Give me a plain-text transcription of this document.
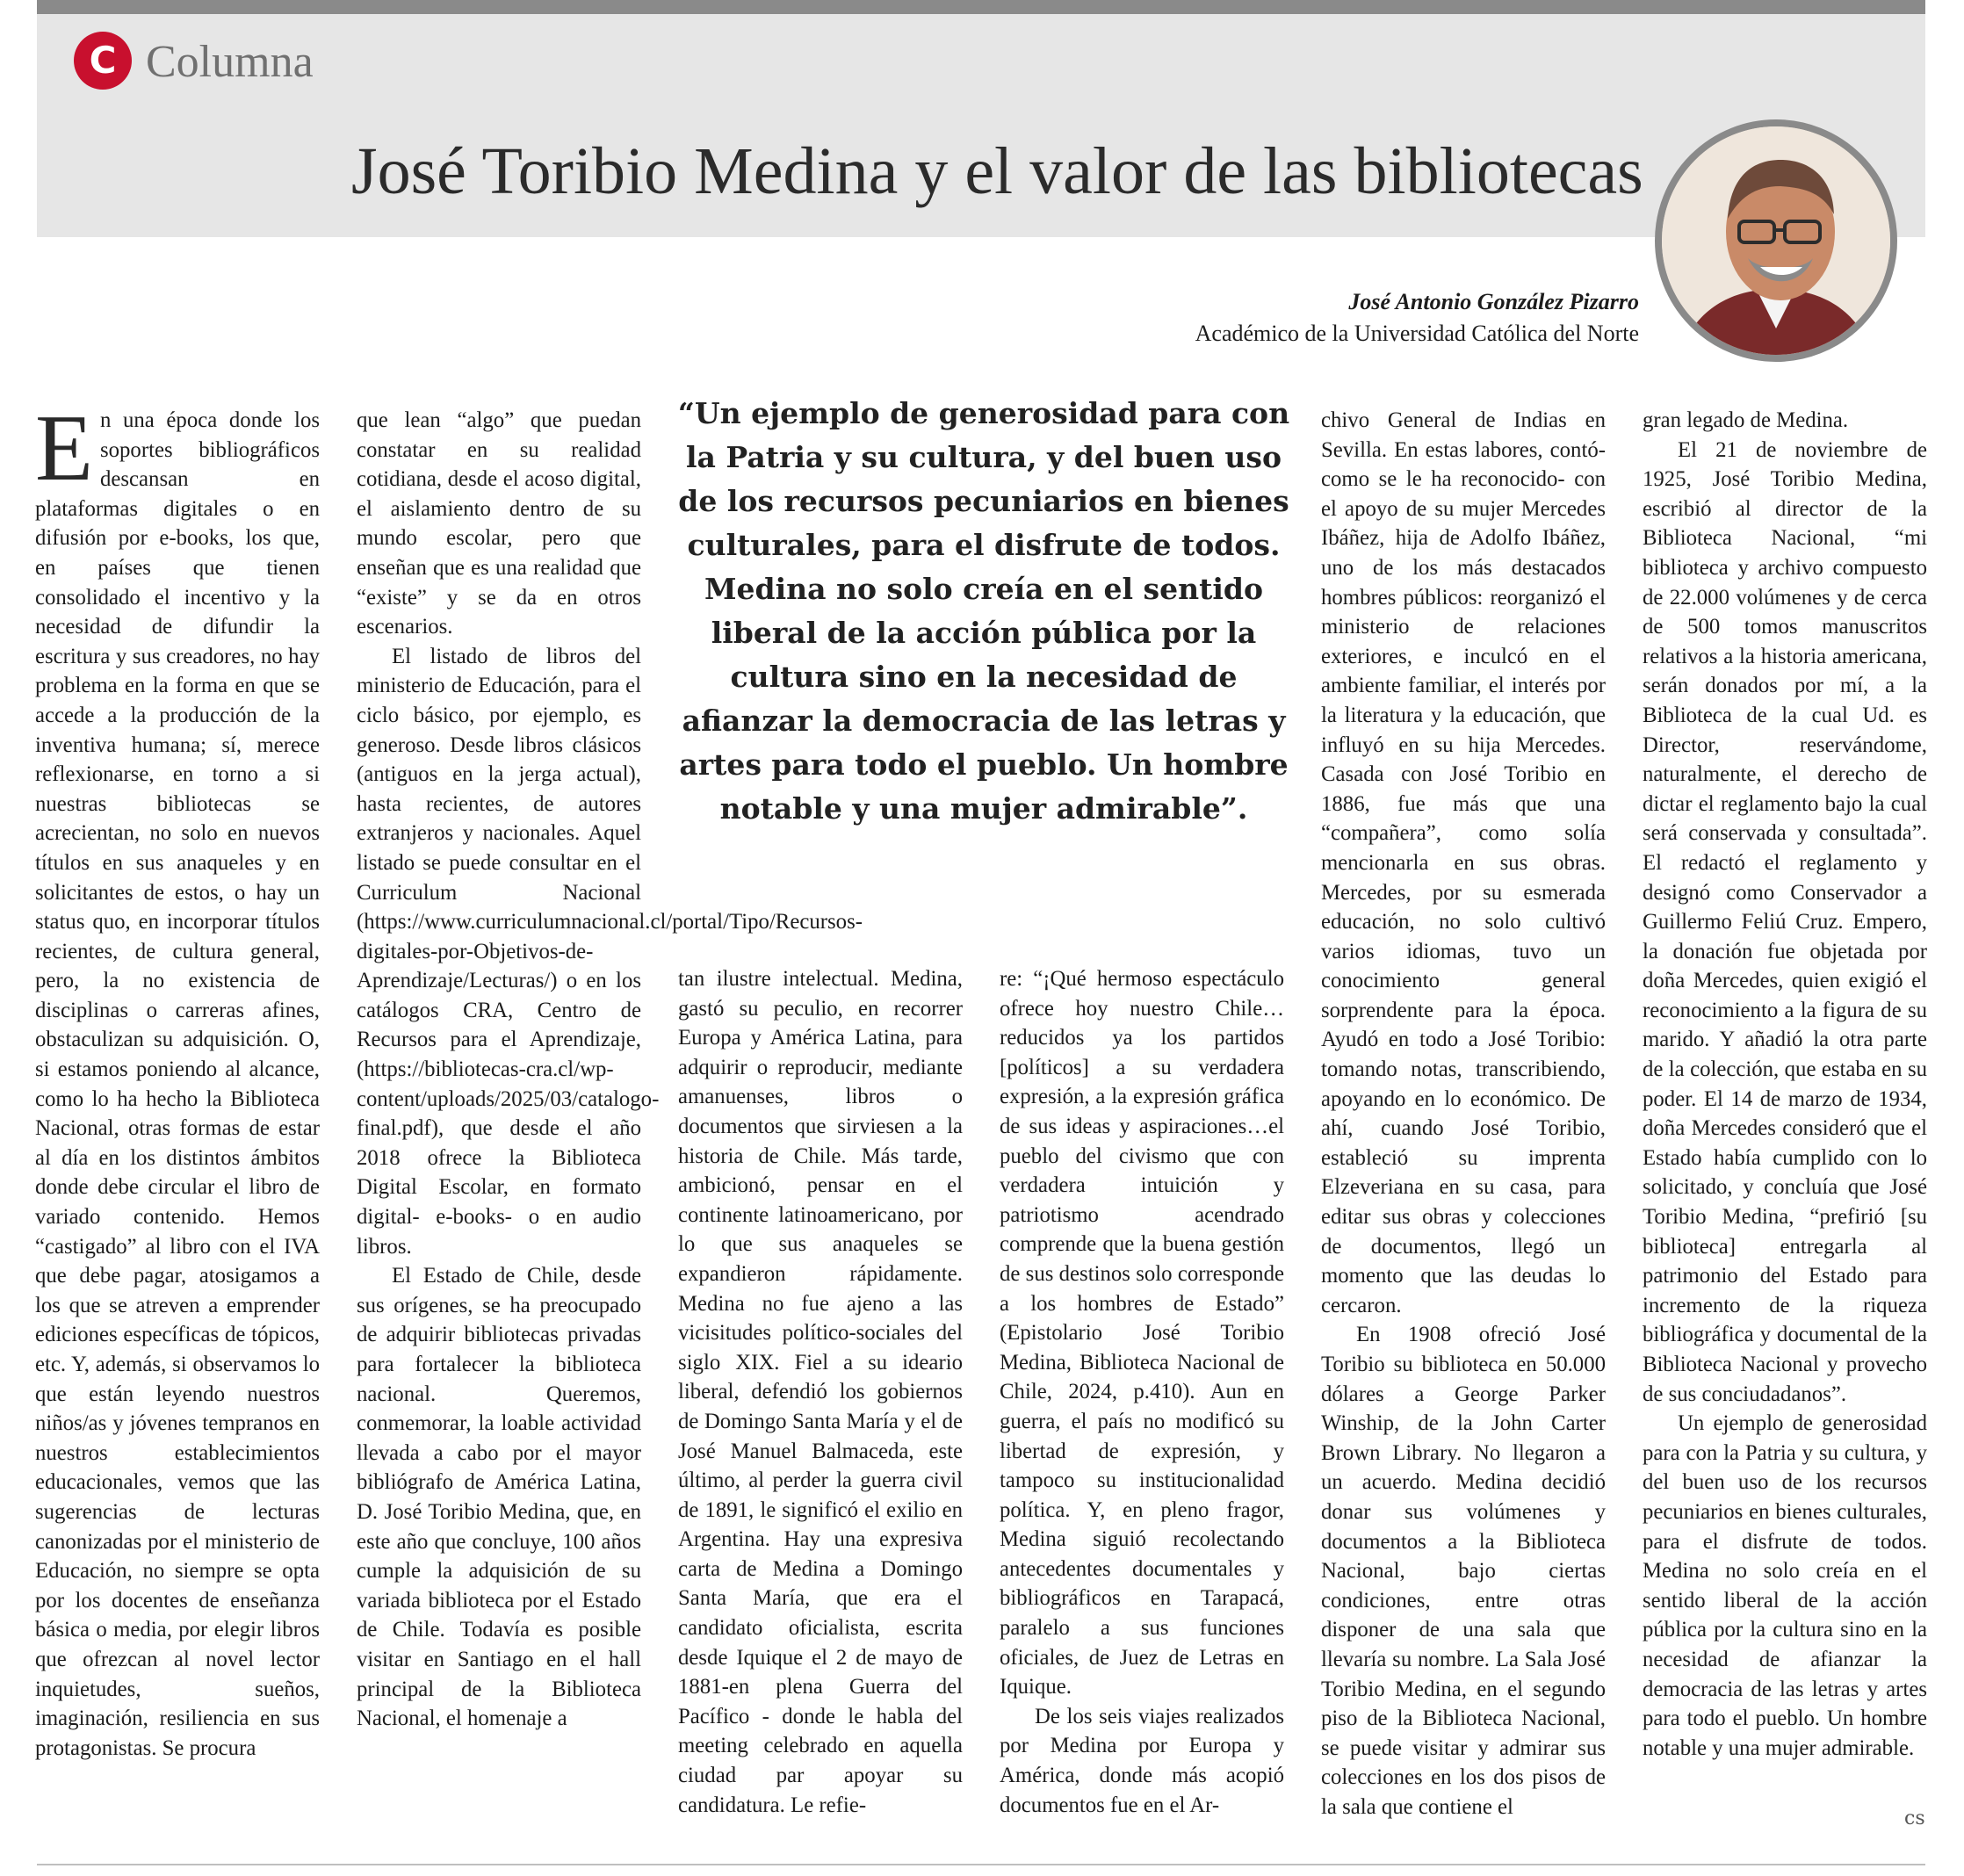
C Columna
José Toribio Medina y el valor de las bibliotecas
José Antonio González Pizarro
Académico de la Universidad Católica del Norte

“Un ejemplo de generosidad para con la Patria y su cultura, y del buen uso de los recursos pecuniarios en bienes culturales, para el disfrute de todos. Medina no solo creía en el sentido liberal de la acción pública por la cultura sino en la necesidad de afianzar la democracia de las letras y artes para todo el pueblo. Un hombre notable y una mujer admirable”.

En una época donde los soportes bibliográficos descansan en plataformas digitales o en difusión por e-books, los que, en países que tienen consolidado el incentivo y la necesidad de difundir la escritura y sus creadores, no hay problema en la forma en que se accede a la producción de la inventiva humana; sí, merece reflexionarse, en torno a si nuestras bibliotecas se acrecientan, no solo en nuevos títulos en sus anaqueles y en solicitantes de estos, o hay un status quo, en incorporar títulos recientes, de cultura general, pero, la no existencia de disciplinas o carreras afines, obstaculizan su adquisición. O, si estamos poniendo al alcance, como lo ha hecho la Biblioteca Nacional, otras formas de estar al día en los distintos ámbitos donde debe circular el libro de variado contenido. Hemos “castigado” al libro con el IVA que debe pagar, atosigamos a los que se atreven a emprender ediciones específicas de tópicos, etc. Y, además, si observamos lo que están leyendo nuestros niños/as y jóvenes tempranos en nuestros establecimientos educacionales, vemos que las sugerencias de lecturas canonizadas por el ministerio de Educación, no siempre se opta por los docentes de enseñanza básica o media, por elegir libros que ofrezcan al novel lector inquietudes, sueños, imaginación, resiliencia en sus protagonistas. Se procura

que lean “algo” que puedan constatar en su realidad cotidiana, desde el acoso digital, el aislamiento dentro de su mundo escolar, pero que enseñan que es una realidad que “existe” y se da en otros escenarios.

El listado de libros del ministerio de Educación, para el ciclo básico, por ejemplo, es generoso. Desde libros clásicos (antiguos en la jerga actual), hasta recientes, de autores extranjeros y nacionales. Aquel listado se puede consultar en el Curriculum Nacional (https://www.curriculumnacional.cl/portal/Tipo/Recursos-digitales-por-Objetivos-de-Aprendizaje/Lecturas/) o en los catálogos CRA, Centro de Recursos para el Aprendizaje, (https://bibliotecas-cra.cl/wp-content/uploads/2025/03/catalogo-final.pdf), que desde el año 2018 ofrece la Biblioteca Digital Escolar, en formato digital- e-books- o en audio libros.

El Estado de Chile, desde sus orígenes, se ha preocupado de adquirir bibliotecas privadas para fortalecer la biblioteca nacional. Queremos, conmemorar, la loable actividad llevada a cabo por el mayor bibliógrafo de América Latina, D. José Toribio Medina, que, en este año que concluye, 100 años cumple la adquisición de su variada biblioteca por el Estado de Chile. Todavía es posible visitar en Santiago en el hall principal de la Biblioteca Nacional, el homenaje a

tan ilustre intelectual. Medina, gastó su peculio, en recorrer Europa y América Latina, para adquirir o reproducir, mediante amanuenses, libros o documentos que sirviesen a la historia de Chile. Más tarde, ambicionó, pensar en el continente latinoamericano, por lo que sus anaqueles se expandieron rápidamente. Medina no fue ajeno a las vicisitudes político-sociales del siglo XIX. Fiel a su ideario liberal, defendió los gobiernos de Domingo Santa María y el de José Manuel Balmaceda, este último, al perder la guerra civil de 1891, le significó el exilio en Argentina. Hay una expresiva carta de Medina a Domingo Santa María, que era el candidato oficialista, escrita desde Iquique el 2 de mayo de 1881-en plena Guerra del Pacífico - donde le habla del meeting celebrado en aquella ciudad par apoyar su candidatura. Le refie-

re: “¡Qué hermoso espectáculo ofrece hoy nuestro Chile…reducidos ya los partidos [políticos] a su verdadera expresión, a la expresión gráfica de sus ideas y aspiraciones…el pueblo del civismo que con verdadera intuición y patriotismo acendrado comprende que la buena gestión de sus destinos solo corresponde a los hombres de Estado” (Epistolario José Toribio Medina, Biblioteca Nacional de Chile, 2024, p.410). Aun en guerra, el país no modificó su libertad de expresión, y tampoco su institucionalidad política. Y, en pleno fragor, Medina siguió recolectando antecedentes documentales y bibliográficos en Tarapacá, paralelo a sus funciones oficiales, de Juez de Letras en Iquique.

De los seis viajes realizados por Medina por Europa y América, donde más acopió documentos fue en el Ar-

chivo General de Indias en Sevilla. En estas labores, contó- como se le ha reconocido- con el apoyo de su mujer Mercedes Ibáñez, hija de Adolfo Ibáñez, uno de los más destacados hombres públicos: reorganizó el ministerio de relaciones exteriores, e inculcó en el ambiente familiar, el interés por la literatura y la educación, que influyó en su hija Mercedes. Casada con José Toribio en 1886, fue más que una “compañera”, como solía mencionarla en sus obras. Mercedes, por su esmerada educación, no solo cultivó varios idiomas, tuvo un conocimiento general sorprendente para la época. Ayudó en todo a José Toribio: tomando notas, transcribiendo, apoyando en lo económico. De ahí, cuando José Toribio, estableció su imprenta Elzeveriana en su casa, para editar sus obras y colecciones de documentos, llegó un momento que las deudas lo cercaron.

En 1908 ofreció José Toribio su biblioteca en 50.000 dólares a George Parker Winship, de la John Carter Brown Library. No llegaron a un acuerdo. Medina decidió donar sus volúmenes y documentos a la Biblioteca Nacional, bajo ciertas condiciones, entre otras disponer de una sala que llevaría su nombre. La Sala José Toribio Medina, en el segundo piso de la Biblioteca Nacional, se puede visitar y admirar sus colecciones en los dos pisos de la sala que contiene el

gran legado de Medina.

El 21 de noviembre de 1925, José Toribio Medina, escribió al director de la Biblioteca Nacional, “mi biblioteca y archivo compuesto de 22.000 volúmenes y de cerca de 500 tomos manuscritos relativos a la historia americana, serán donados por mí, a la Biblioteca de la cual Ud. es Director, reservándome, naturalmente, el derecho de dictar el reglamento bajo la cual será conservada y consultada”. El redactó el reglamento y designó como Conservador a Guillermo Feliú Cruz. Empero, la donación fue objetada por doña Mercedes, quien exigió el reconocimiento a la figura de su marido. Y añadió la otra parte de la colección, que estaba en su poder. El 14 de marzo de 1934, doña Mercedes consideró que el Estado había cumplido con lo solicitado, y concluía que José Toribio Medina, “prefirió [su biblioteca] entregarla al patrimonio del Estado para incremento de la riqueza bibliográfica y documental de la Biblioteca Nacional y provecho de sus conciudadanos”.

Un ejemplo de generosidad para con la Patria y su cultura, y del buen uso de los recursos pecuniarios en bienes culturales, para el disfrute de todos. Medina no solo creía en el sentido liberal de la acción pública por la cultura sino en la necesidad de afianzar la democracia de las letras y artes para todo el pueblo. Un hombre notable y una mujer admirable.

cs
